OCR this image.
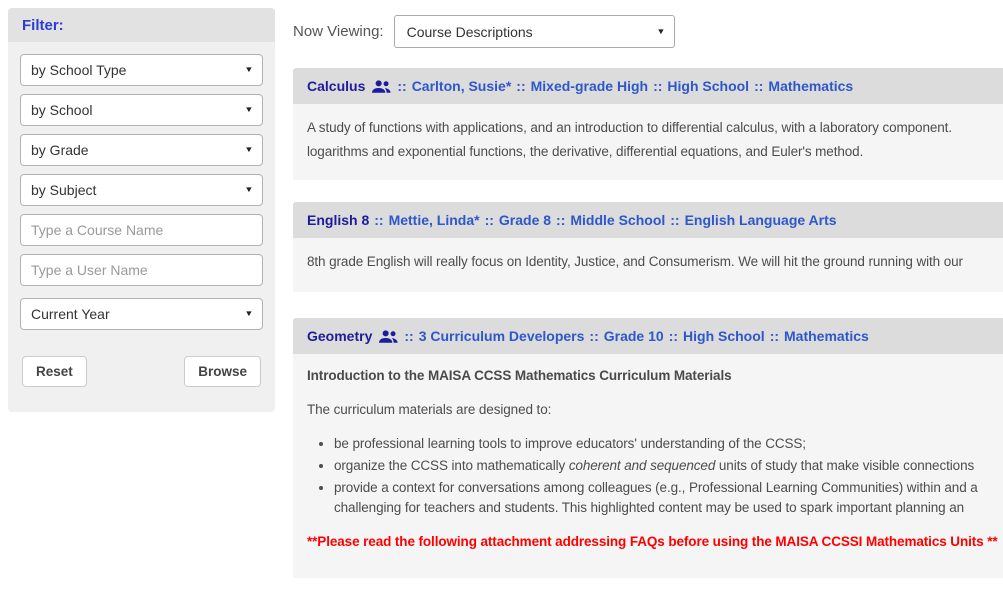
Filter:
by School Type
▼
by School
▼
by Grade
▼
by Subject
▼
Type a Course Name
Type a User Name
Current Year
▼
Reset	Browse
Now Viewing:
Course Descriptions	▼
Calculus :: Carlton, Susie* :: Mixed-grade High :: High School :: Mathematics
A study of functions with applications, and an introduction to differential calculus, with a laboratory component.
logarithms and exponential functions, the derivative, differential equations, and Euler's method.
English 8 :: Mettie, Linda* :: Grade 8 :: Middle School :: English Language Arts
8th grade English will really focus on Identity, Justice, and Consumerism. We will hit the ground running with our
Geometry :: 3 Curriculum Developers :: Grade 10 :: High School :: Mathematics

Introduction to the MAISA CCSS Mathematics Curriculum Materials

The curriculum materials are designed to:

• be professional learning tools to improve educators' understanding of the CCSS;
• organize the CCSS into mathematically coherent and sequenced units of study that make visible connections
• provide a context for conversations among colleagues (e.g., Professional Learning Communities) within and a
challenging for teachers and students. This highlighted content may be used to spark important planning an

**Please read the following attachment addressing FAQs before using the MAISA CCSSI Mathematics Units **
